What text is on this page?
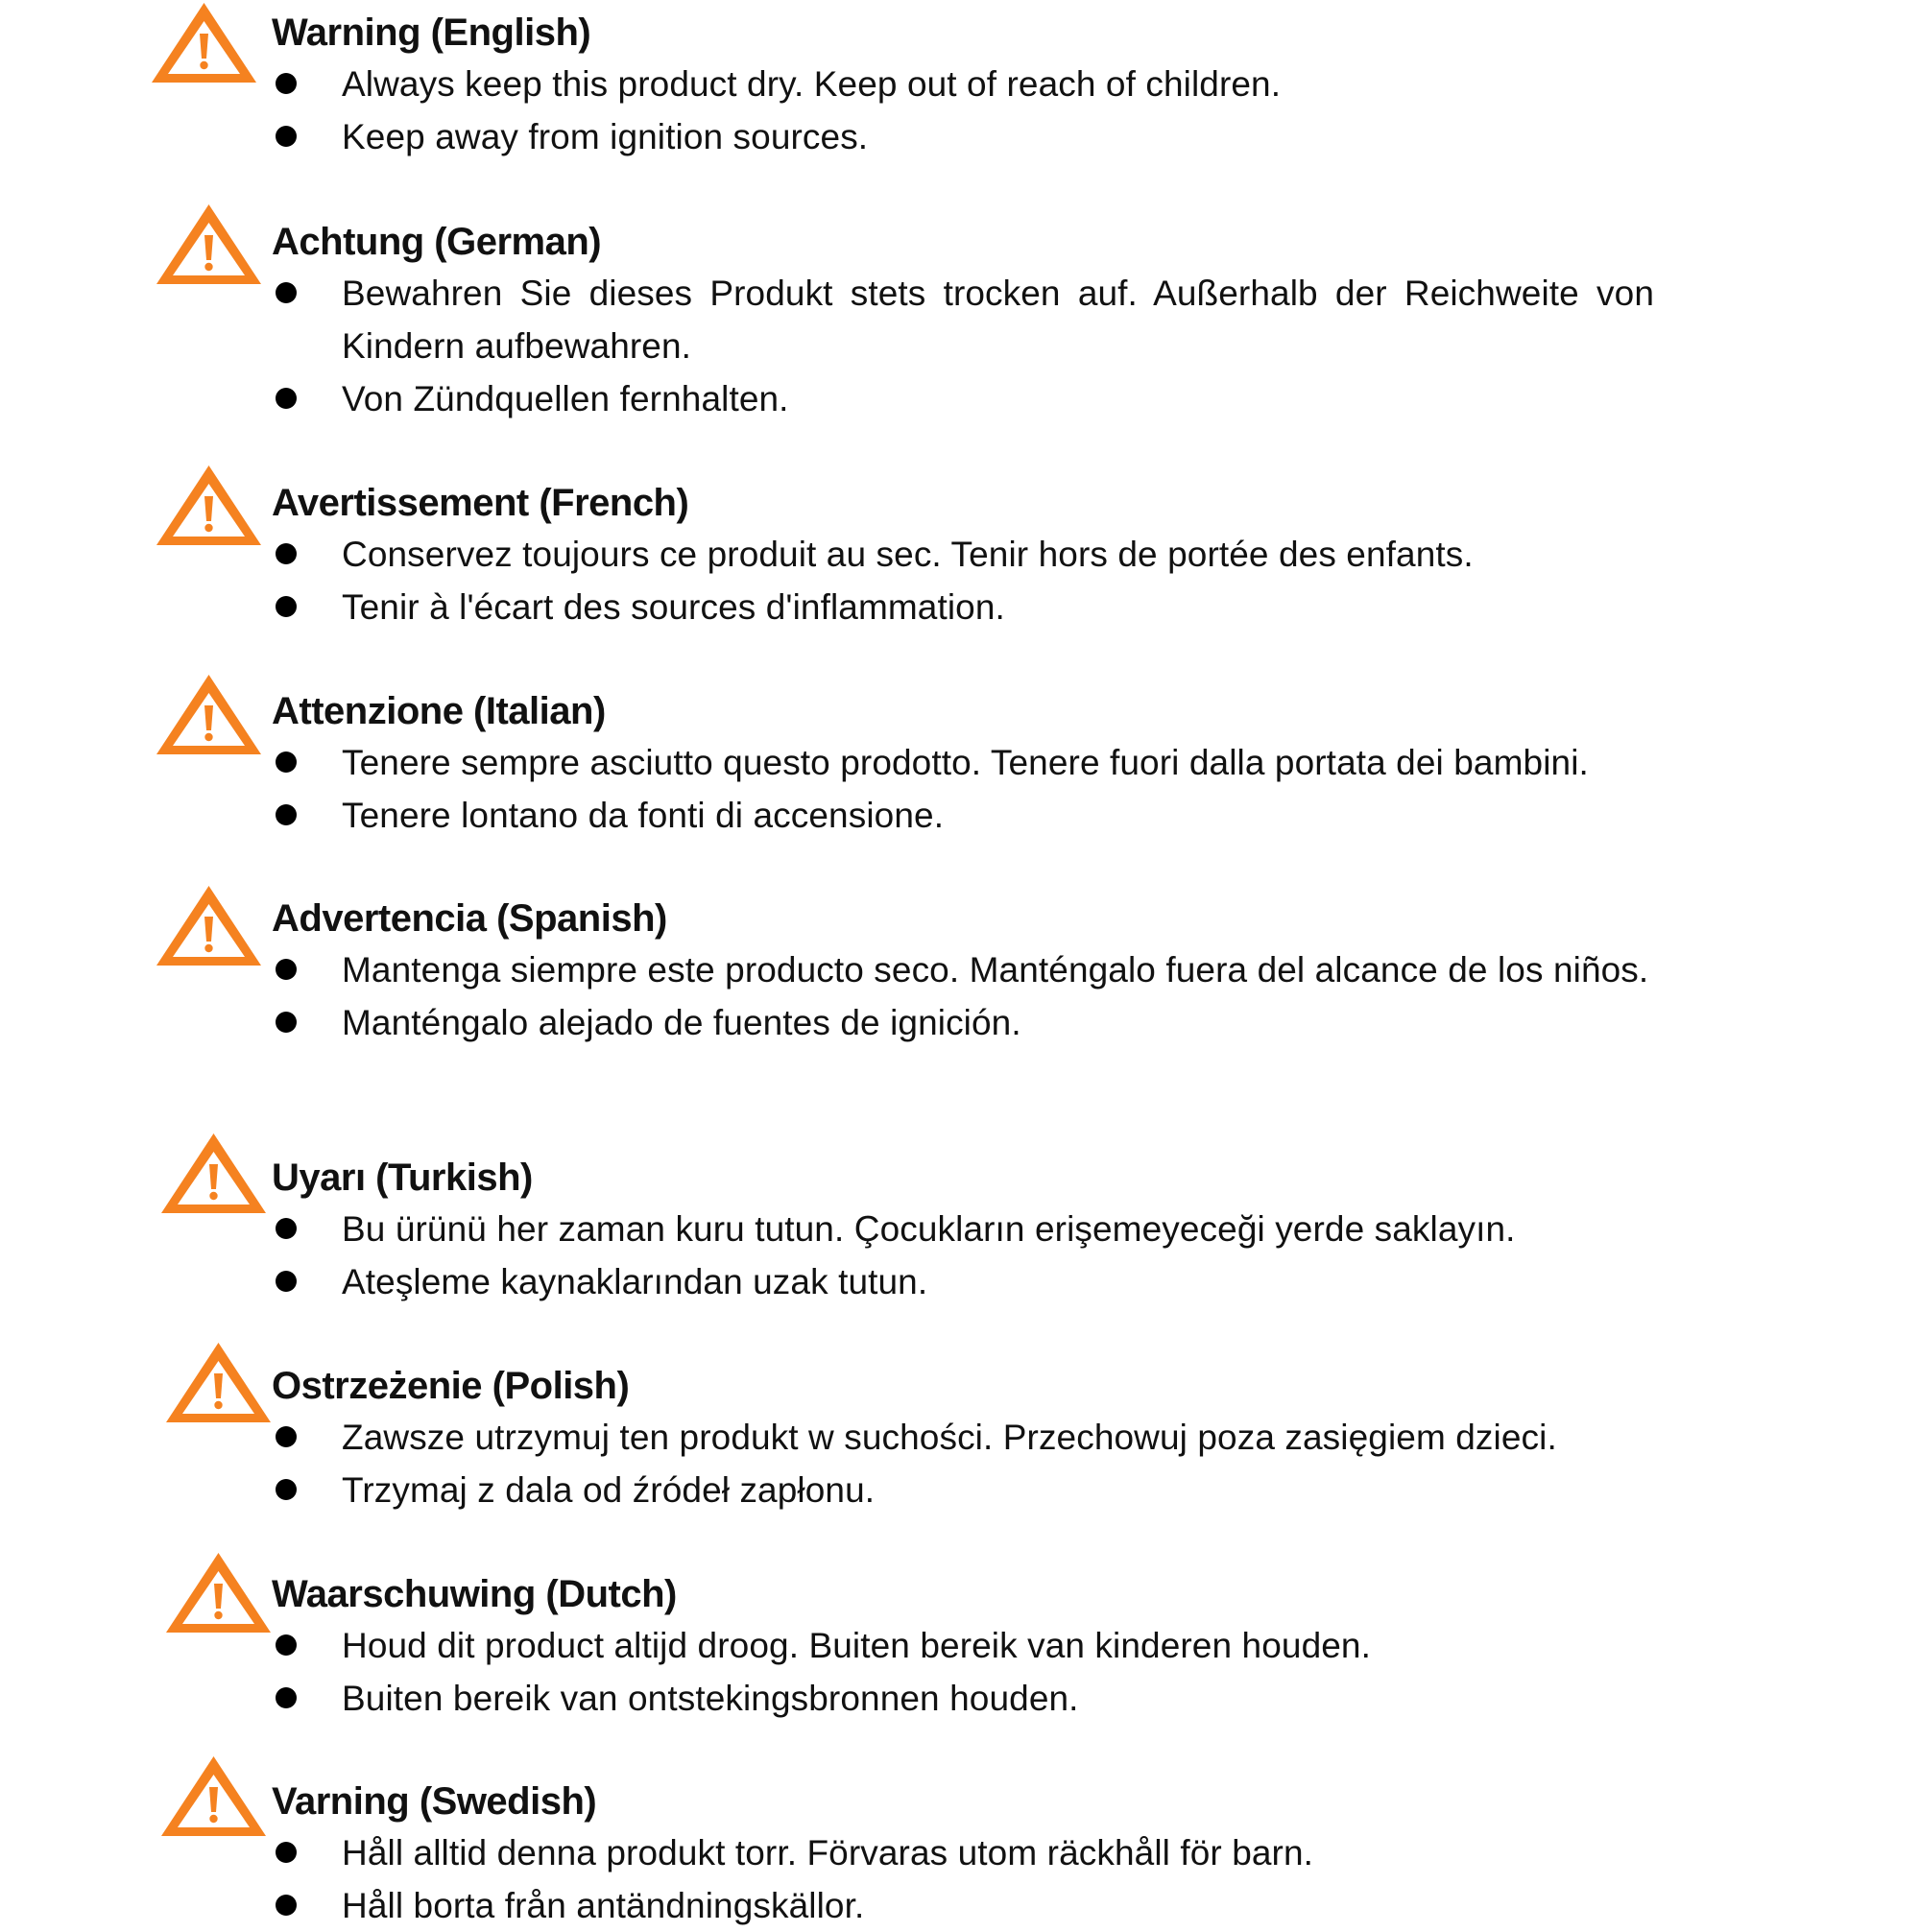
Warning (English)
Always keep this product dry. Keep out of reach of children.
Keep away from ignition sources.
Achtung (German)
Bewahren Sie dieses Produkt stets trocken auf. Außerhalb der Reichweite von Kindern aufbewahren.
Von Zündquellen fernhalten.
Avertissement (French)
Conservez toujours ce produit au sec. Tenir hors de portée des enfants.
Tenir à l'écart des sources d'inflammation.
Attenzione (Italian)
Tenere sempre asciutto questo prodotto. Tenere fuori dalla portata dei bambini.
Tenere lontano da fonti di accensione.
Advertencia (Spanish)
Mantenga siempre este producto seco. Manténgalo fuera del alcance de los niños.
Manténgalo alejado de fuentes de ignición.
Uyarı (Turkish)
Bu ürünü her zaman kuru tutun. Çocukların erişemeyeceği yerde saklayın.
Ateşleme kaynaklarından uzak tutun.
Ostrzeżenie (Polish)
Zawsze utrzymuj ten produkt w suchości. Przechowuj poza zasięgiem dzieci.
Trzymaj z dala od źródeł zapłonu.
Waarschuwing (Dutch)
Houd dit product altijd droog. Buiten bereik van kinderen houden.
Buiten bereik van ontstekingsbronnen houden.
Varning (Swedish)
Håll alltid denna produkt torr. Förvaras utom räckhåll för barn.
Håll borta från antändningskällor.
